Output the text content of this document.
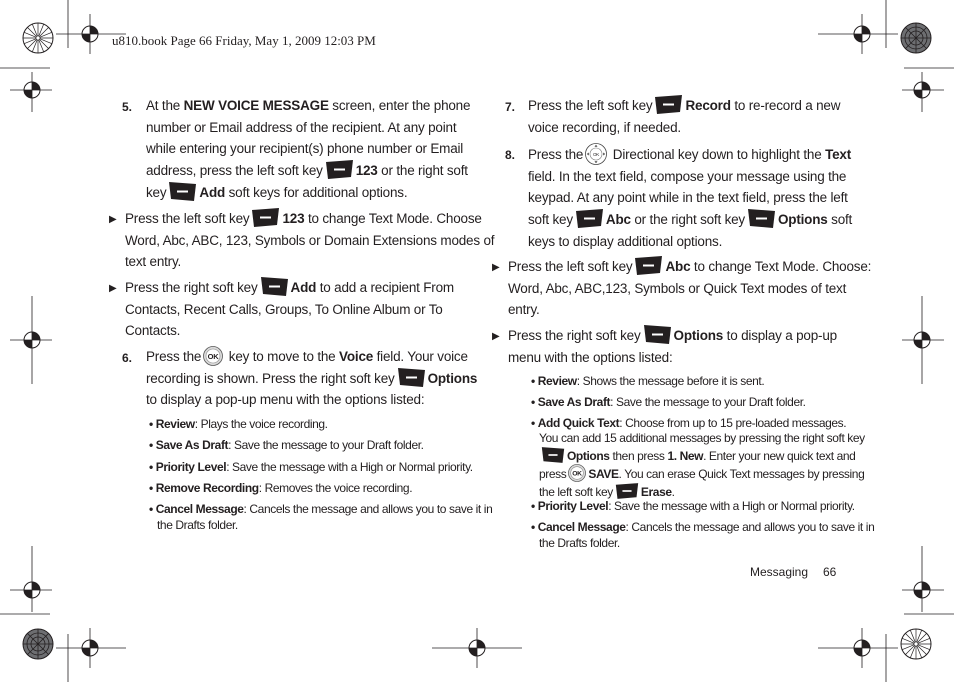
u810.book Page 66 Friday, May 1, 2009 12:03 PM
5. At the NEW VOICE MESSAGE screen, enter the phone
number or Email address of the recipient. At any point
while entering your recipient(s) phone number or Email
address, press the left soft key 123 or the right soft
key Add soft keys for additional options.
▶ Press the left soft key 123 to change Text Mode. Choose
Word, Abc, ABC, 123, Symbols or Domain Extensions modes of
text entry.
▶ Press the right soft key Add to add a recipient From
Contacts, Recent Calls, Groups, To Online Album or To
Contacts.
6. Press the key to move to the Voice field. Your voice
recording is shown. Press the right soft key Options
to display a pop-up menu with the options listed:
• Review: Plays the voice recording.
• Save As Draft: Save the message to your Draft folder.
• Priority Level: Save the message with a High or Normal priority.
• Remove Recording: Removes the voice recording.
• Cancel Message: Cancels the message and allows you to save it in
the Drafts folder.
7. Press the left soft key Record to re-record a new
voice recording, if needed.
8. Press the Directional key down to highlight the Text
field. In the text field, compose your message using the
keypad. At any point while in the text field, press the left
soft key Abc or the right soft key Options soft
keys to display additional options.
▶ Press the left soft key Abc to change Text Mode. Choose:
Word, Abc, ABC,123, Symbols or Quick Text modes of text
entry.
▶ Press the right soft key Options to display a pop-up
menu with the options listed:
• Review: Shows the message before it is sent.
• Save As Draft: Save the message to your Draft folder.
• Add Quick Text: Choose from up to 15 pre-loaded messages.
You can add 15 additional messages by pressing the right soft key

Options then press 1. New. Enter your new quick text and
press SAVE. You can erase Quick Text messages by pressing
the left soft key Erase.
• Priority Level: Save the message with a High or Normal priority.
• Cancel Message: Cancels the message and allows you to save it in
the Drafts folder.
Messaging 66
